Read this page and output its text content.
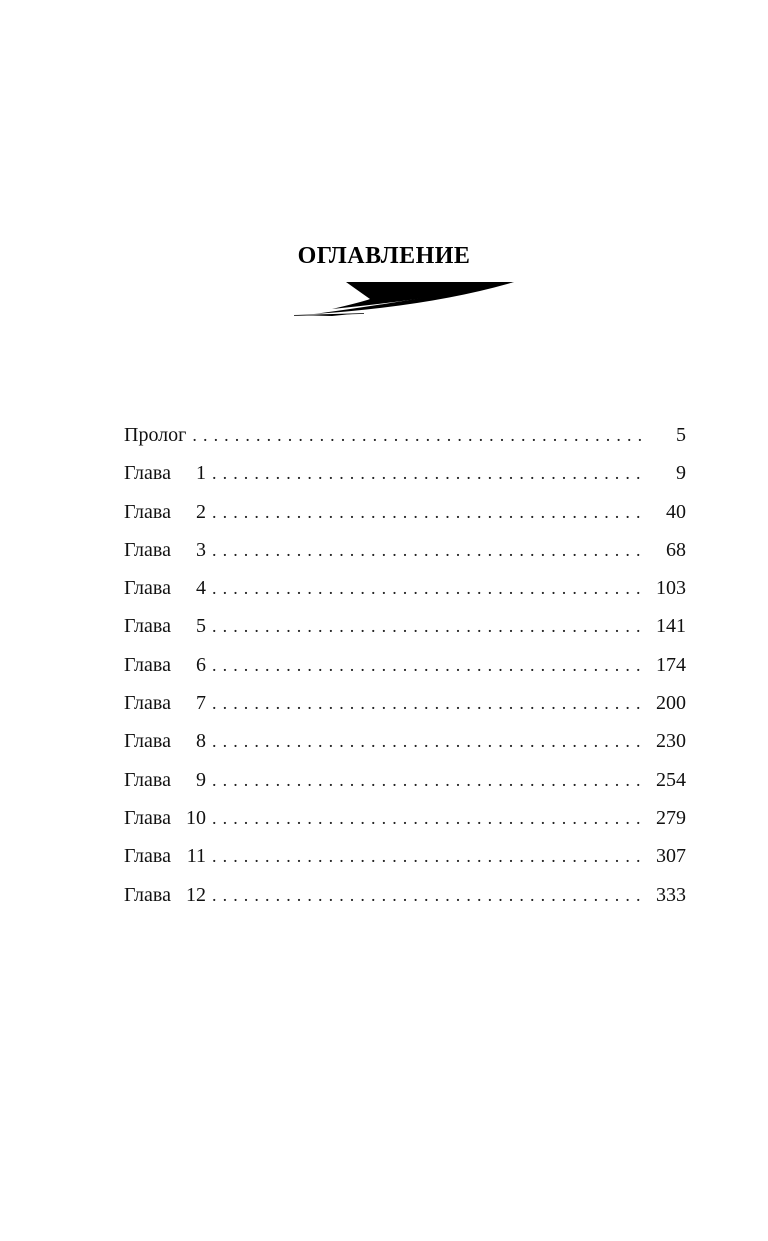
ОГЛАВЛЕНИЕ
Пролог . . .	5
Глава 1 . . .	9
Глава 2 . . .	40
Глава 3 . . .	68
Глава 4 . . .	103
Глава 5 . . .	141
Глава 6 . . .	174
Глава 7 . . .	200
Глава 8 . . .	230
Глава 9 . . .	254
Глава 10 . . .	279
Глава 11 . . .	307
Глава 12 . . .	333
